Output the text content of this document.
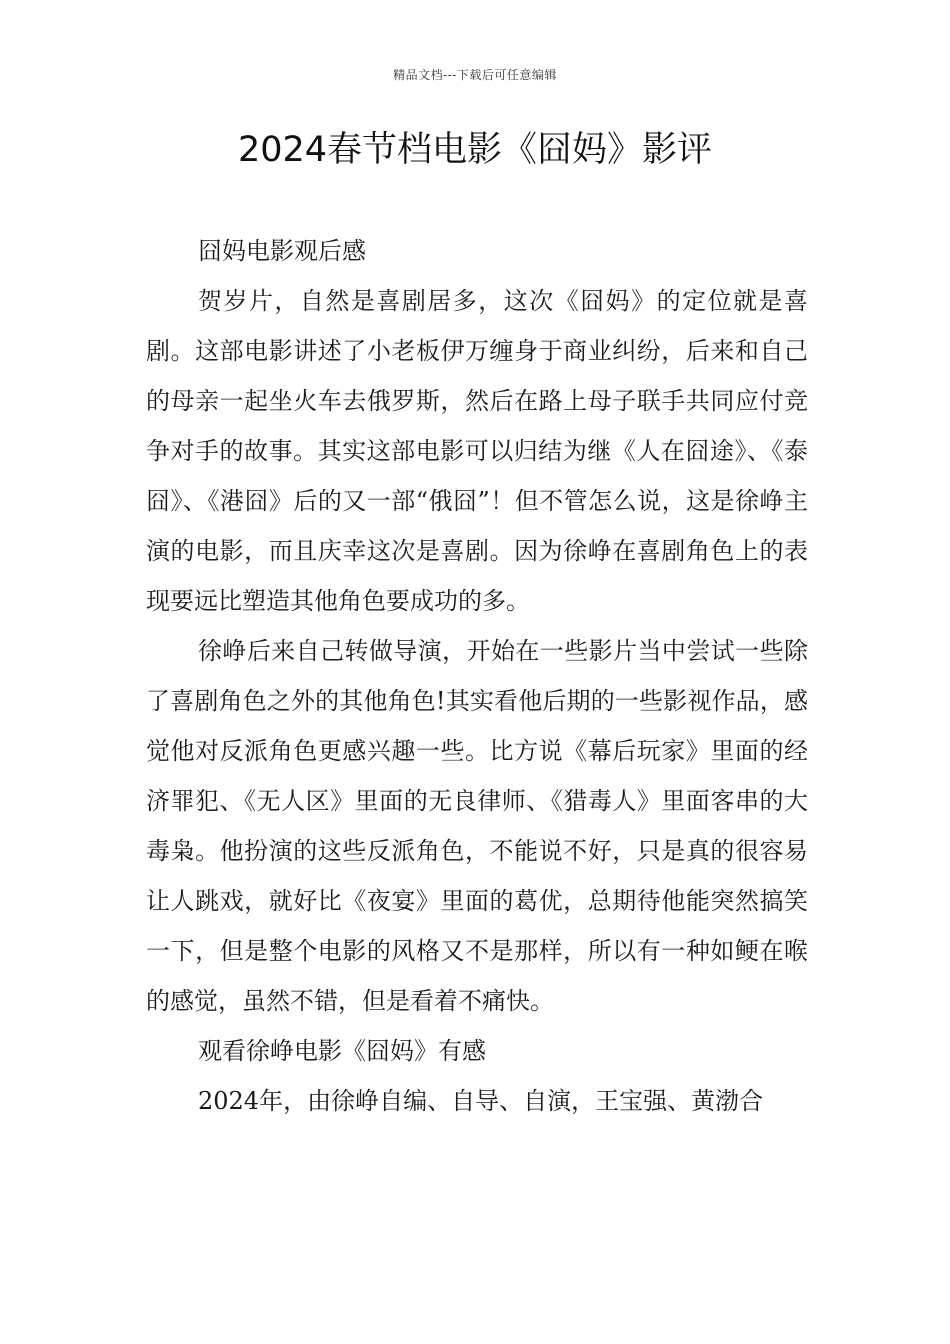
精品文档---下载后可任意编辑
2024春节档电影《囧妈》影评

囧妈电影观后感

贺岁片，自然是喜剧居多，这次《囧妈》的定位就是喜剧。这部电影讲述了小老板伊万缠身于商业纠纷，后来和自己的母亲一起坐火车去俄罗斯，然后在路上母子联手共同应付竞争对手的故事。其实这部电影可以归结为继《人在囧途》、《泰囧》、《港囧》后的又一部“俄囧”！但不管怎么说，这是徐峥主演的电影，而且庆幸这次是喜剧。因为徐峥在喜剧角色上的表现要远比塑造其他角色要成功的多。

徐峥后来自己转做导演，开始在一些影片当中尝试一些除了喜剧角色之外的其他角色!其实看他后期的一些影视作品，感觉他对反派角色更感兴趣一些。比方说《幕后玩家》里面的经济罪犯、《无人区》里面的无良律师、《猎毒人》里面客串的大毒枭。他扮演的这些反派角色，不能说不好，只是真的很容易让人跳戏，就好比《夜宴》里面的葛优，总期待他能突然搞笑一下，但是整个电影的风格又不是那样，所以有一种如鲠在喉的感觉，虽然不错，但是看着不痛快。

观看徐峥电影《囧妈》有感

2024年，由徐峥自编、自导、自演，王宝强、黄渤合
